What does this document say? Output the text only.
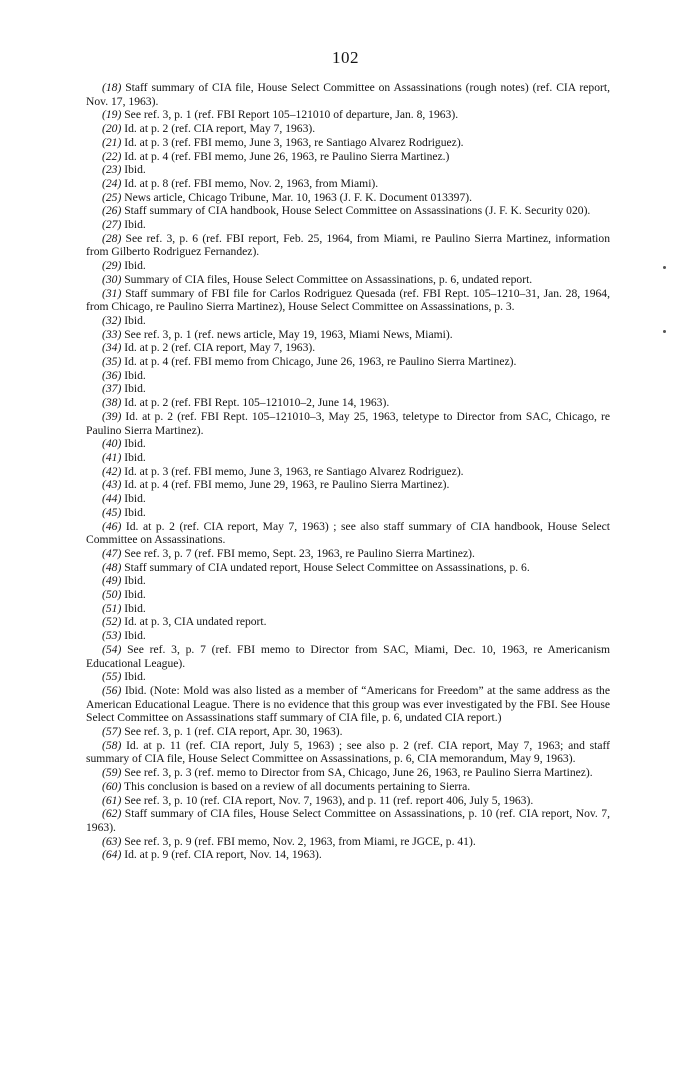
102

(18) Staff summary of CIA file, House Select Committee on Assassinations (rough notes) (ref. CIA report, Nov. 17, 1963).

(19) See ref. 3, p. 1 (ref. FBI Report 105–121010 of departure, Jan. 8, 1963).

(20) Id. at p. 2 (ref. CIA report, May 7, 1963).

(21) Id. at p. 3 (ref. FBI memo, June 3, 1963, re Santiago Alvarez Rodriguez).

(22) Id. at p. 4 (ref. FBI memo, June 26, 1963, re Paulino Sierra Martinez.)

(23) Ibid.

(24) Id. at p. 8 (ref. FBI memo, Nov. 2, 1963, from Miami).

(25) News article, Chicago Tribune, Mar. 10, 1963 (J. F. K. Document 013397).

(26) Staff summary of CIA handbook, House Select Committee on Assassinations (J. F. K. Security 020).

(27) Ibid.

(28) See ref. 3, p. 6 (ref. FBI report, Feb. 25, 1964, from Miami, re Paulino Sierra Martinez, information from Gilberto Rodriguez Fernandez).

(29) Ibid.

(30) Summary of CIA files, House Select Committee on Assassinations, p. 6, undated report.

(31) Staff summary of FBI file for Carlos Rodriguez Quesada (ref. FBI Rept. 105–1210–31, Jan. 28, 1964, from Chicago, re Paulino Sierra Martinez), House Select Committee on Assassinations, p. 3.

(32) Ibid.

(33) See ref. 3, p. 1 (ref. news article, May 19, 1963, Miami News, Miami).

(34) Id. at p. 2 (ref. CIA report, May 7, 1963).

(35) Id. at p. 4 (ref. FBI memo from Chicago, June 26, 1963, re Paulino Sierra Martinez).

(36) Ibid.

(37) Ibid.

(38) Id. at p. 2 (ref. FBI Rept. 105–121010–2, June 14, 1963).

(39) Id. at p. 2 (ref. FBI Rept. 105–121010–3, May 25, 1963, teletype to Director from SAC, Chicago, re Paulino Sierra Martinez).

(40) Ibid.

(41) Ibid.

(42) Id. at p. 3 (ref. FBI memo, June 3, 1963, re Santiago Alvarez Rodriguez).

(43) Id. at p. 4 (ref. FBI memo, June 29, 1963, re Paulino Sierra Martinez).

(44) Ibid.

(45) Ibid.

(46) Id. at p. 2 (ref. CIA report, May 7, 1963) ; see also staff summary of CIA handbook, House Select Committee on Assassinations.

(47) See ref. 3, p. 7 (ref. FBI memo, Sept. 23, 1963, re Paulino Sierra Martinez).

(48) Staff summary of CIA undated report, House Select Committee on Assassinations, p. 6.

(49) Ibid.

(50) Ibid.

(51) Ibid.

(52) Id. at p. 3, CIA undated report.

(53) Ibid.

(54) See ref. 3, p. 7 (ref. FBI memo to Director from SAC, Miami, Dec. 10, 1963, re Americanism Educational League).

(55) Ibid.

(56) Ibid. (Note: Mold was also listed as a member of “Americans for Freedom” at the same address as the American Educational League. There is no evidence that this group was ever investigated by the FBI. See House Select Committee on Assassinations staff summary of CIA file, p. 6, undated CIA report.)

(57) See ref. 3, p. 1 (ref. CIA report, Apr. 30, 1963).

(58) Id. at p. 11 (ref. CIA report, July 5, 1963) ; see also p. 2 (ref. CIA report, May 7, 1963; and staff summary of CIA file, House Select Committee on Assassinations, p. 6, CIA memorandum, May 9, 1963).

(59) See ref. 3, p. 3 (ref. memo to Director from SA, Chicago, June 26, 1963, re Paulino Sierra Martinez).

(60) This conclusion is based on a review of all documents pertaining to Sierra.

(61) See ref. 3, p. 10 (ref. CIA report, Nov. 7, 1963), and p. 11 (ref. report 406, July 5, 1963).

(62) Staff summary of CIA files, House Select Committee on Assassinations, p. 10 (ref. CIA report, Nov. 7, 1963).

(63) See ref. 3, p. 9 (ref. FBI memo, Nov. 2, 1963, from Miami, re JGCE, p. 41).

(64) Id. at p. 9 (ref. CIA report, Nov. 14, 1963).
